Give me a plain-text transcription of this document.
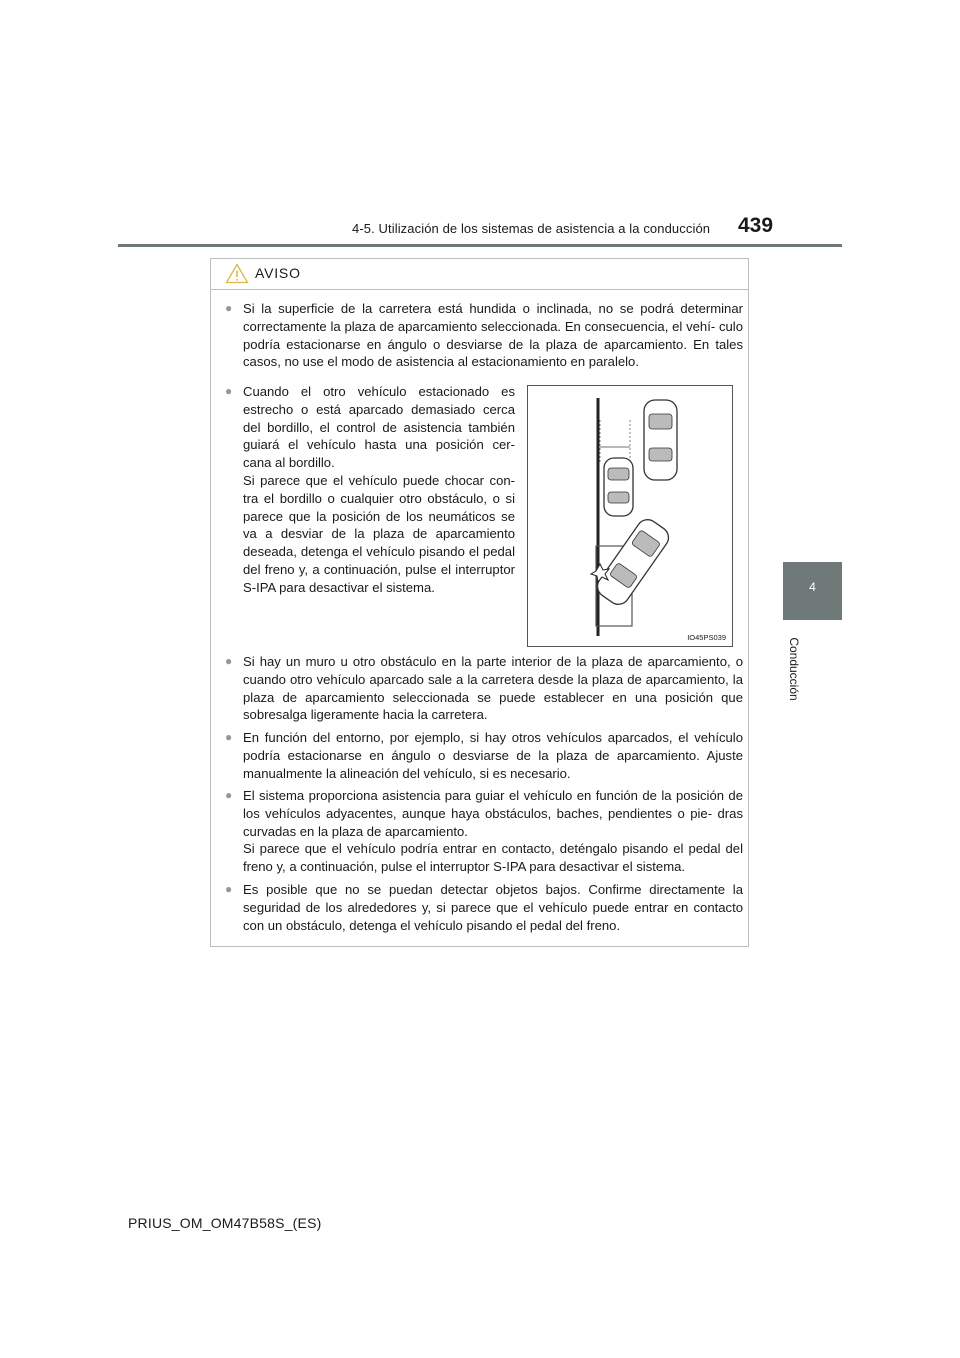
4-5. Utilización de los sistemas de asistencia a la conducción 439
4
Conducción
AVISO
● Si la superficie de la carretera está hundida o inclinada, no se podrá determinar correctamente la plaza de aparcamiento seleccionada. En consecuencia, el vehí- culo podría estacionarse en ángulo o desviarse de la plaza de aparcamiento. En tales casos, no use el modo de asistencia al estacionamiento en paralelo.
● Cuando el otro vehículo estacionado es estrecho o está aparcado demasiado cerca del bordillo, el control de asistencia también guiará el vehículo hasta una posición cer- cana al bordillo.
Si parece que el vehículo puede chocar con- tra el bordillo o cualquier otro obstáculo, o si parece que la posición de los neumáticos se va a desviar de la plaza de aparcamiento deseada, detenga el vehículo pisando el pedal del freno y, a continuación, pulse el interruptor S-IPA para desactivar el sistema.
IO45PS039
● Si hay un muro u otro obstáculo en la parte interior de la plaza de aparcamiento, o cuando otro vehículo aparcado sale a la carretera desde la plaza de aparcamiento, la plaza de aparcamiento seleccionada se puede establecer en una posición que sobresalga ligeramente hacia la carretera.
● En función del entorno, por ejemplo, si hay otros vehículos aparcados, el vehículo podría estacionarse en ángulo o desviarse de la plaza de aparcamiento. Ajuste manualmente la alineación del vehículo, si es necesario.
● El sistema proporciona asistencia para guiar el vehículo en función de la posición de los vehículos adyacentes, aunque haya obstáculos, baches, pendientes o pie- dras curvadas en la plaza de aparcamiento.
Si parece que el vehículo podría entrar en contacto, deténgalo pisando el pedal del freno y, a continuación, pulse el interruptor S-IPA para desactivar el sistema.
● Es posible que no se puedan detectar objetos bajos. Confirme directamente la seguridad de los alrededores y, si parece que el vehículo puede entrar en contacto con un obstáculo, detenga el vehículo pisando el pedal del freno.
PRIUS_OM_OM47B58S_(ES)
